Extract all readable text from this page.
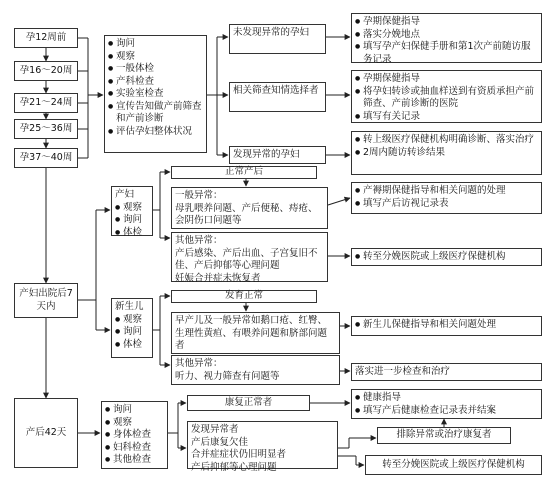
孕12周前
孕16～20周
孕21～24周
孕25～36周
孕37～40周
产妇出院后7天内
产后42天
● 询问
● 观察
● 一般体检
● 产科检查
● 实验室检查
● 宣传告知做产前筛查和产前诊断
● 评估孕妇整体状况
未发现异常的孕妇
相关筛查知情选择者
发现异常的孕妇
● 孕期保健指导
● 落实分娩地点
● 填写孕产妇保健手册和第1次产前随访服务记录
● 孕期保健指导
● 将孕妇转诊或抽血样送到有资质承担产前筛查、产前诊断的医院
● 填写有关记录
● 转上级医疗保健机构明确诊断、落实治疗
● 2周内随访转诊结果
产妇
● 观察
● 询问
● 体检
正常产后
一般异常：
母乳喂养问题、产后便秘、痔疮、会阴伤口问题等
● 产褥期保健指导和相关问题的处理
● 填写产后访视记录表
其他异常：
产后感染、产后出血、子宫复旧不佳、产后抑郁等心理问题
妊娠合并症未恢复者
● 转至分娩医院或上级医疗保健机构
新生儿
● 观察
● 询问
● 体检
发育正常
早产儿及一般异常如鹅口疮、红臀、生理性黄疸、有喂养问题和脐部问题者
● 新生儿保健指导和相关问题处理
其他异常：
听力、视力筛查有问题等	落实进一步检查和治疗
● 询问
● 观察
● 身体检查
● 妇科检查
● 其他检查
康复正常者
●	健康指导
● 填写产后健康检查记录表并结案
发现异常者
产后康复欠佳
合并症症状仍旧明显者
产后抑郁等心理问题
排除异常或治疗康复者
转至分娩医院或上级医疗保健机构
